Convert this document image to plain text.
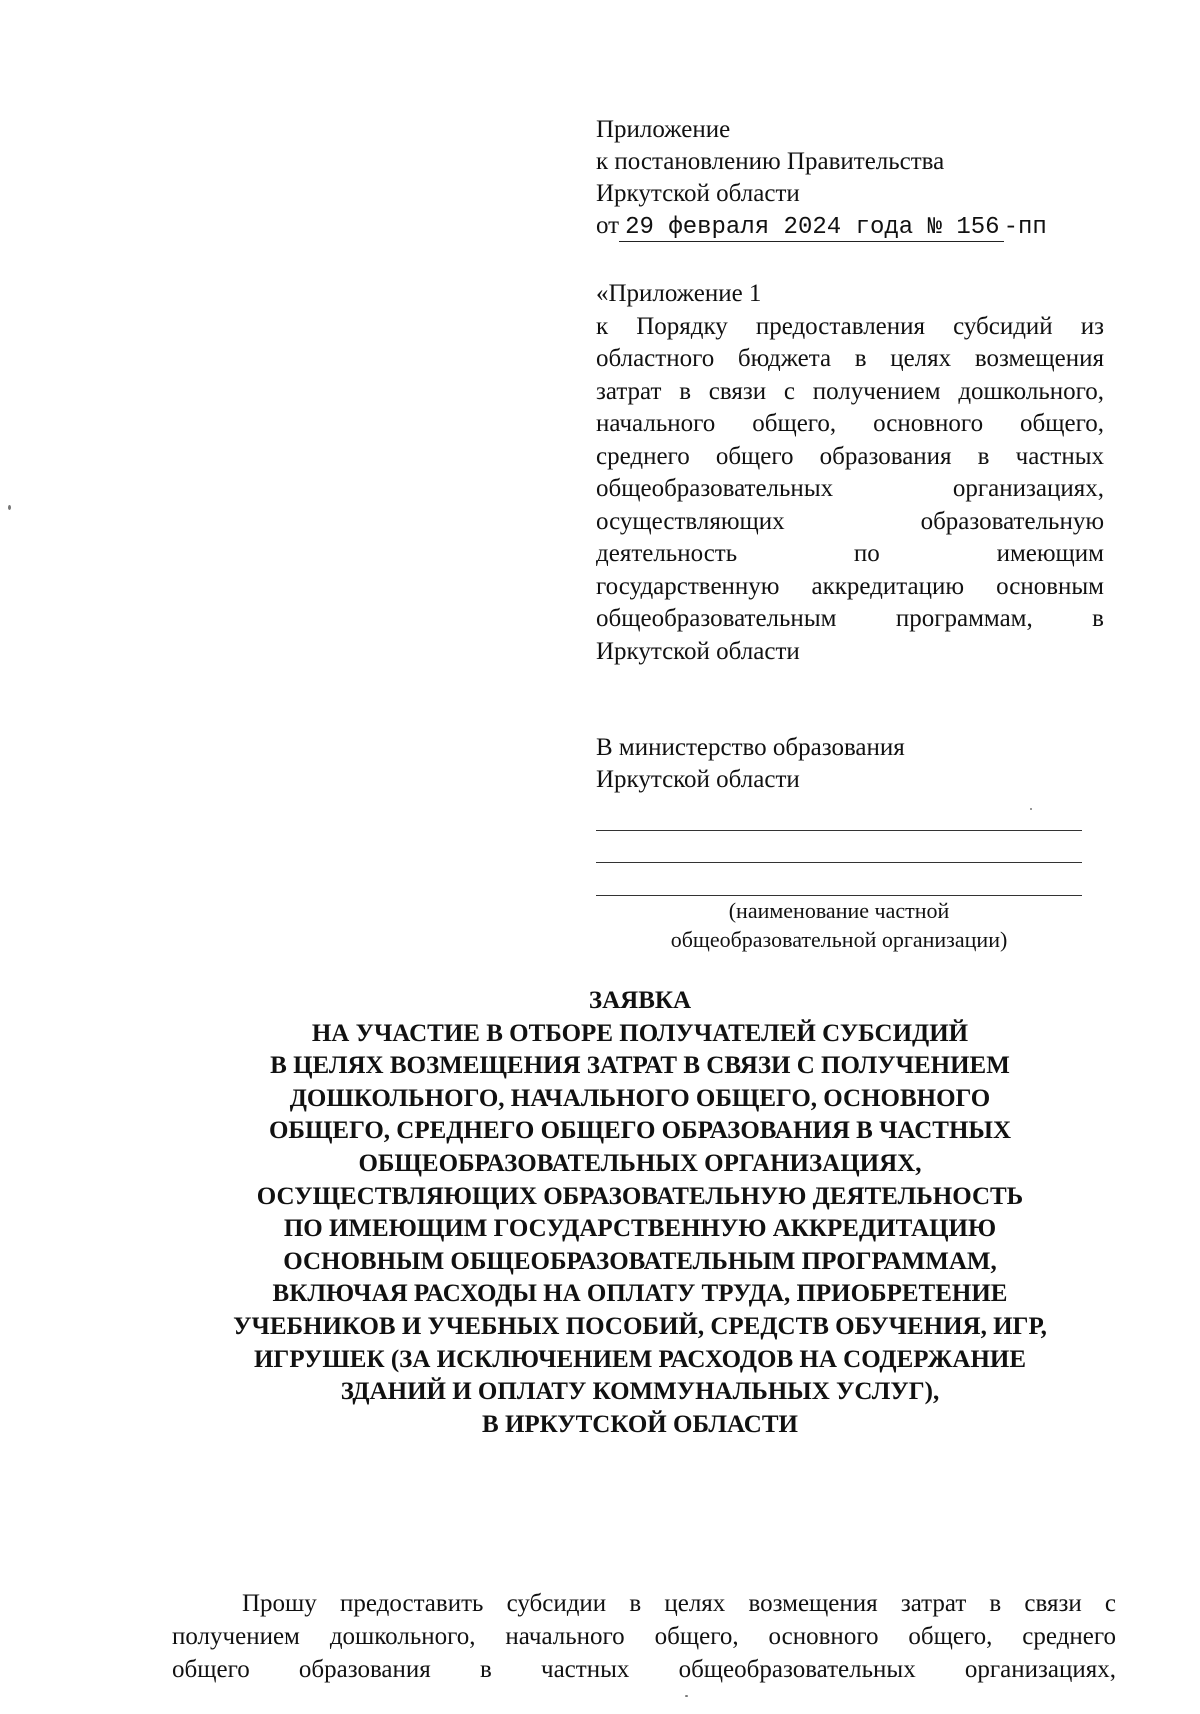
Приложение
к постановлению Правительства
Иркутской области
от 29 февраля 2024 года № 156 -пп
«Приложение 1
к Порядку предоставления субсидий из
областного бюджета в целях возмещения
затрат в связи с получением дошкольного,
начального общего, основного общего,
среднего общего образования в частных
общеобразовательных организациях,
осуществляющих образовательную
деятельность по имеющим
государственную аккредитацию основным
общеобразовательным программам, в
Иркутской области
В министерство образования
Иркутской области
(наименование частной
общеобразовательной организации)
ЗАЯВКА
НА УЧАСТИЕ В ОТБОРЕ ПОЛУЧАТЕЛЕЙ СУБСИДИЙ
В ЦЕЛЯХ ВОЗМЕЩЕНИЯ ЗАТРАТ В СВЯЗИ С ПОЛУЧЕНИЕМ
ДОШКОЛЬНОГО, НАЧАЛЬНОГО ОБЩЕГО, ОСНОВНОГО
ОБЩЕГО, СРЕДНЕГО ОБЩЕГО ОБРАЗОВАНИЯ В ЧАСТНЫХ
ОБЩЕОБРАЗОВАТЕЛЬНЫХ ОРГАНИЗАЦИЯХ,
ОСУЩЕСТВЛЯЮЩИХ ОБРАЗОВАТЕЛЬНУЮ ДЕЯТЕЛЬНОСТЬ
ПО ИМЕЮЩИМ ГОСУДАРСТВЕННУЮ АККРЕДИТАЦИЮ
ОСНОВНЫМ ОБЩЕОБРАЗОВАТЕЛЬНЫМ ПРОГРАММАМ,
ВКЛЮЧАЯ РАСХОДЫ НА ОПЛАТУ ТРУДА, ПРИОБРЕТЕНИЕ
УЧЕБНИКОВ И УЧЕБНЫХ ПОСОБИЙ, СРЕДСТВ ОБУЧЕНИЯ, ИГР,
ИГРУШЕК (ЗА ИСКЛЮЧЕНИЕМ РАСХОДОВ НА СОДЕРЖАНИЕ
ЗДАНИЙ И ОПЛАТУ КОММУНАЛЬНЫХ УСЛУГ),
В ИРКУТСКОЙ ОБЛАСТИ
Прошу предоставить субсидии в целях возмещения затрат в связи с
получением дошкольного, начального общего, основного общего, среднего
общего образования в частных общеобразовательных организациях,
